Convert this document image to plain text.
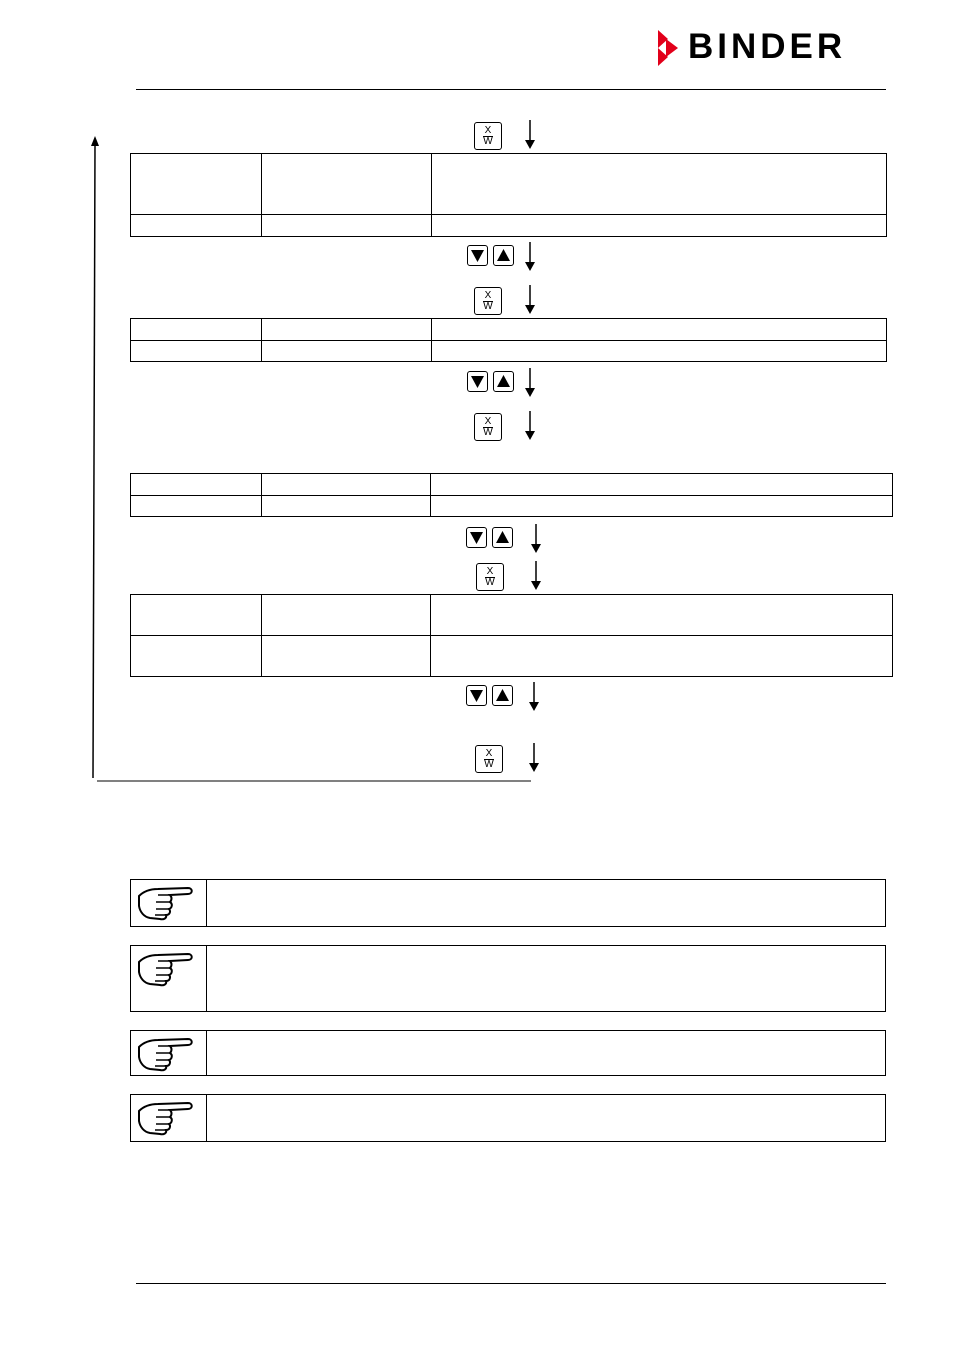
BINDER
X
W

X
W

X
W

X
W

X
W
